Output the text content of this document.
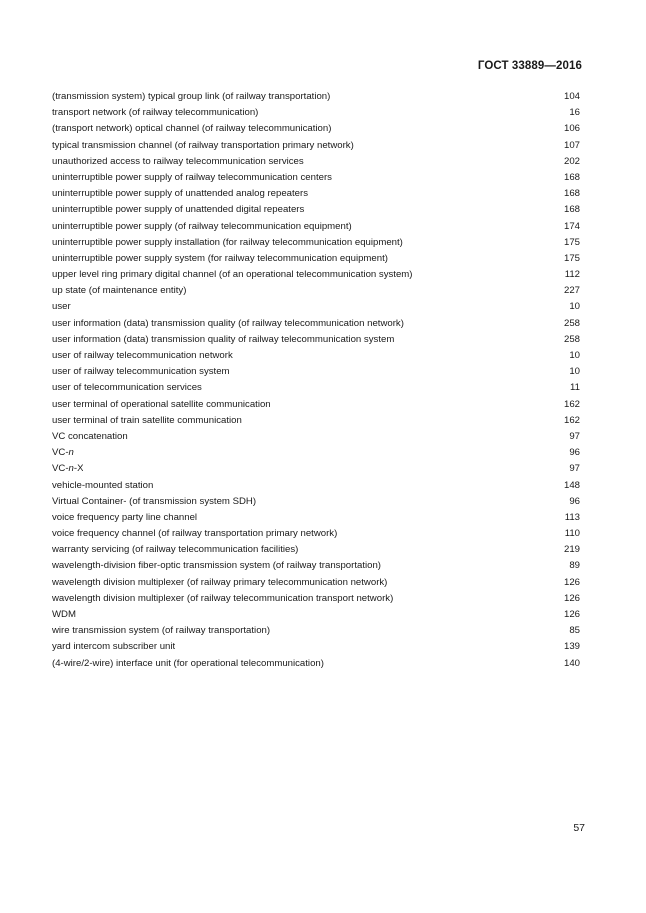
ГОСТ 33889—2016
(transmission system) typical group link (of railway transportation)	104
transport network (of railway telecommunication)	16
(transport network) optical channel (of railway telecommunication)	106
typical transmission channel (of railway transportation primary network)	107
unauthorized access to railway telecommunication services	202
uninterruptible power supply of railway telecommunication centers	168
uninterruptible power supply of unattended analog repeaters	168
uninterruptible power supply of unattended digital repeaters	168
uninterruptible power supply (of railway telecommunication equipment)	174
uninterruptible power supply installation (for railway telecommunication equipment)	175
uninterruptible power supply system (for railway telecommunication equipment)	175
upper level ring primary digital channel (of an operational telecommunication system)	112
up state (of maintenance entity)	227
user	10
user information (data) transmission quality (of railway telecommunication network)	258
user information (data) transmission quality of railway telecommunication system	258
user of railway telecommunication network	10
user of railway telecommunication system	10
user of telecommunication services	11
user terminal of operational satellite communication	162
user terminal of train satellite communication	162
VC concatenation	97
VC-n	96
VC-n-X	97
vehicle-mounted station	148
Virtual Container- (of transmission system SDH)	96
voice frequency party line channel	113
voice frequency channel (of railway transportation primary network)	110
warranty servicing (of railway telecommunication facilities)	219
wavelength-division fiber-optic transmission system (of railway transportation)	89
wavelength division multiplexer (of railway primary telecommunication network)	126
wavelength division multiplexer (of railway telecommunication transport network)	126
WDM	126
wire transmission system (of railway transportation)	85
yard intercom subscriber unit	139
(4-wire/2-wire) interface unit (for operational telecommunication)	140
57
